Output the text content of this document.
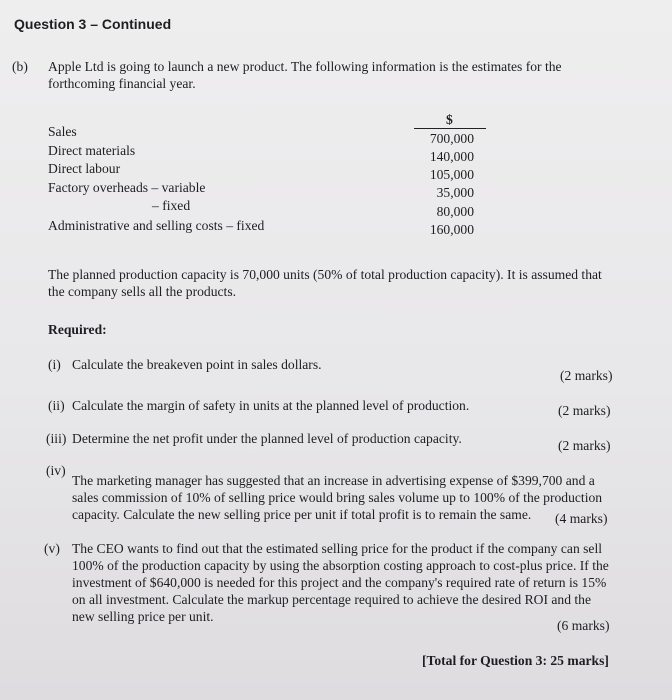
Question 3 – Continued
(b) Apple Ltd is going to launch a new product. The following information is the estimates for the
forthcoming financial year.
$
Sales
Direct materials
Direct labour
Factory overheads – variable
– fixed
Administrative and selling costs – fixed
700,000
140,000
105,000
35,000
80,000
160,000
The planned production capacity is 70,000 units (50% of total production capacity). It is assumed that
the company sells all the products.
Required:
(i) Calculate the breakeven point in sales dollars.
(2 marks)
(ii) Calculate the margin of safety in units at the planned level of production.	(2 marks)
(iii) Determine the net profit under the planned level of production capacity.	(2 marks)
(iv)
The marketing manager has suggested that an increase in advertising expense of $399,700 and a
sales commission of 10% of selling price would bring sales volume up to 100% of the production
capacity. Calculate the new selling price per unit if total profit is to remain the same. (4 marks)
(v) The CEO wants to find out that the estimated selling price for the product if the company can sell
100% of the production capacity by using the absorption costing approach to cost-plus price. If the
investment of $640,000 is needed for this project and the company's required rate of return is 15%
on all investment. Calculate the markup percentage required to achieve the desired ROI and the
new selling price per unit.
(6 marks)
[Total for Question 3: 25 marks]
